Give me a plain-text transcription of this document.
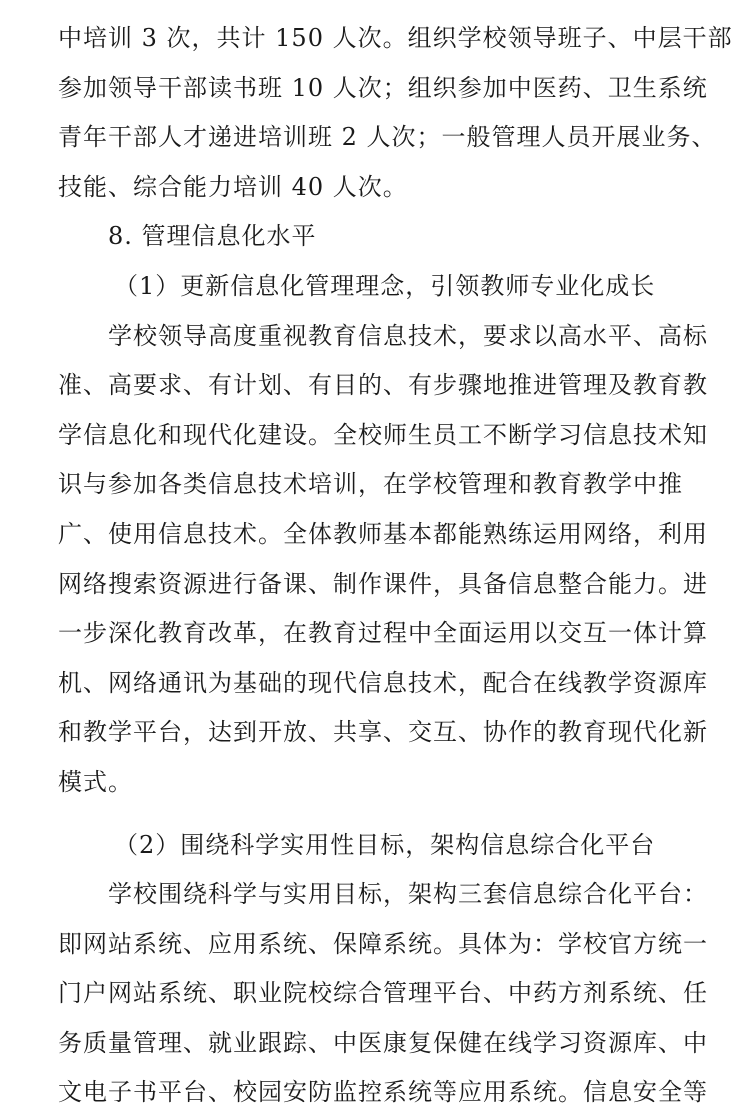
中培训 3 次，共计 150 人次。组织学校领导班子、中层干部
参加领导干部读书班 10 人次；组织参加中医药、卫生系统
青年干部人才递进培训班 2 人次；一般管理人员开展业务、
技能、综合能力培训 40 人次。
8. 管理信息化水平
（1）更新信息化管理理念，引领教师专业化成长
学校领导高度重视教育信息技术，要求以高水平、高标
准、高要求、有计划、有目的、有步骤地推进管理及教育教
学信息化和现代化建设。全校师生员工不断学习信息技术知
识与参加各类信息技术培训，在学校管理和教育教学中推
广、使用信息技术。全体教师基本都能熟练运用网络，利用
网络搜索资源进行备课、制作课件，具备信息整合能力。进
一步深化教育改革，在教育过程中全面运用以交互一体计算
机、网络通讯为基础的现代信息技术，配合在线教学资源库
和教学平台，达到开放、共享、交互、协作的教育现代化新
模式。
（2）围绕科学实用性目标，架构信息综合化平台
学校围绕科学与实用目标，架构三套信息综合化平台：
即网站系统、应用系统、保障系统。具体为：学校官方统一
门户网站系统、职业院校综合管理平台、中药方剂系统、任
务质量管理、就业跟踪、中医康复保健在线学习资源库、中
文电子书平台、校园安防监控系统等应用系统。信息安全等
